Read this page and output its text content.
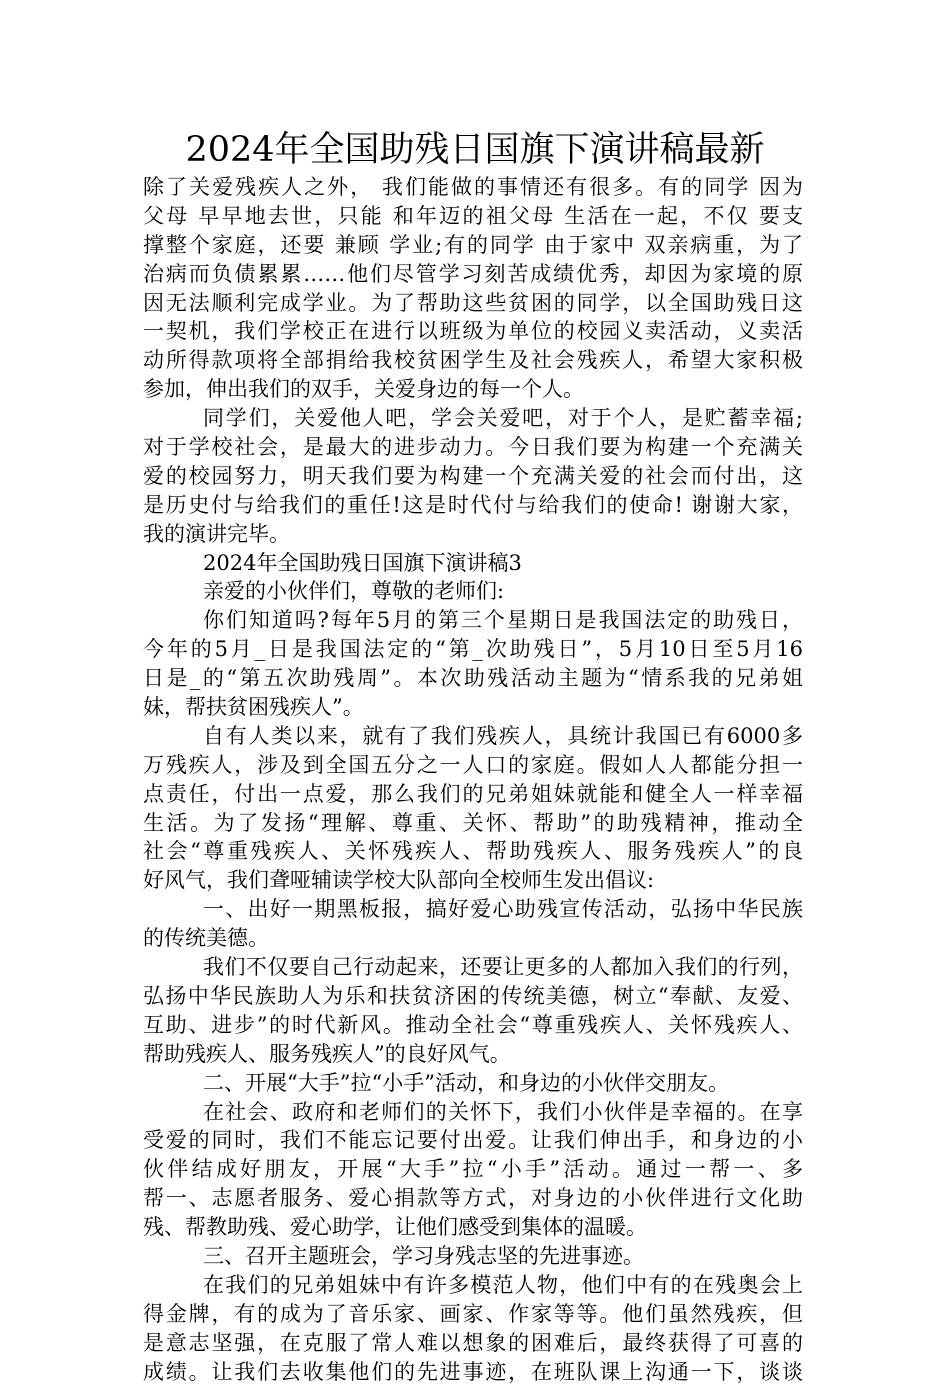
2024年全国助残日国旗下演讲稿最新
除了关爱残疾人之外， 我们能做的事情还有很多。有的同学 因为
父母 早早地去世，只能 和年迈的祖父母 生活在一起，不仅 要支
撑整个家庭，还要 兼顾 学业;有的同学 由于家中 双亲病重，为了
治病而负债累累……他们尽管学习刻苦成绩优秀，却因为家境的原
因无法顺利完成学业。为了帮助这些贫困的同学，以全国助残日这
一契机，我们学校正在进行以班级为单位的校园义卖活动，义卖活
动所得款项将全部捐给我校贫困学生及社会残疾人，希望大家积极
参加，伸出我们的双手，关爱身边的每一个人。
同学们，关爱他人吧，学会关爱吧，对于个人，是贮蓄幸福;
对于学校社会，是最大的进步动力。今日我们要为构建一个充满关
爱的校园努力，明天我们要为构建一个充满关爱的社会而付出，这
是历史付与给我们的重任!这是时代付与给我们的使命! 谢谢大家，
我的演讲完毕。
2024年全国助残日国旗下演讲稿3
亲爱的小伙伴们，尊敬的老师们:
你们知道吗?每年5月的第三个星期日是我国法定的助残日，
今年的5月_日是我国法定的“第_次助残日”，5月10日至5月16
日是_的“第五次助残周”。本次助残活动主题为“情系我的兄弟姐
妹，帮扶贫困残疾人”。
自有人类以来，就有了我们残疾人，具统计我国已有6000多
万残疾人，涉及到全国五分之一人口的家庭。假如人人都能分担一
点责任，付出一点爱，那么我们的兄弟姐妹就能和健全人一样幸福
生活。为了发扬“理解、尊重、关怀、帮助”的助残精神，推动全
社会“尊重残疾人、关怀残疾人、帮助残疾人、服务残疾人”的良
好风气，我们聋哑辅读学校大队部向全校师生发出倡议:
一、出好一期黑板报，搞好爱心助残宣传活动，弘扬中华民族
的传统美德。
我们不仅要自己行动起来，还要让更多的人都加入我们的行列，
弘扬中华民族助人为乐和扶贫济困的传统美德，树立“奉献、友爱、
互助、进步”的时代新风。推动全社会“尊重残疾人、关怀残疾人、
帮助残疾人、服务残疾人”的良好风气。
二、开展“大手”拉“小手”活动，和身边的小伙伴交朋友。
在社会、政府和老师们的关怀下，我们小伙伴是幸福的。在享
受爱的同时，我们不能忘记要付出爱。让我们伸出手，和身边的小
伙伴结成好朋友，开展“大手”拉“小手”活动。通过一帮一、多
帮一、志愿者服务、爱心捐款等方式，对身边的小伙伴进行文化助
残、帮教助残、爱心助学，让他们感受到集体的温暖。
三、召开主题班会，学习身残志坚的先进事迹。
在我们的兄弟姐妹中有许多模范人物，他们中有的在残奥会上
得金牌，有的成为了音乐家、画家、作家等等。他们虽然残疾，但
是意志坚强，在克服了常人难以想象的困难后，最终获得了可喜的
成绩。让我们去收集他们的先进事迹，在班队课上沟通一下，谈谈
